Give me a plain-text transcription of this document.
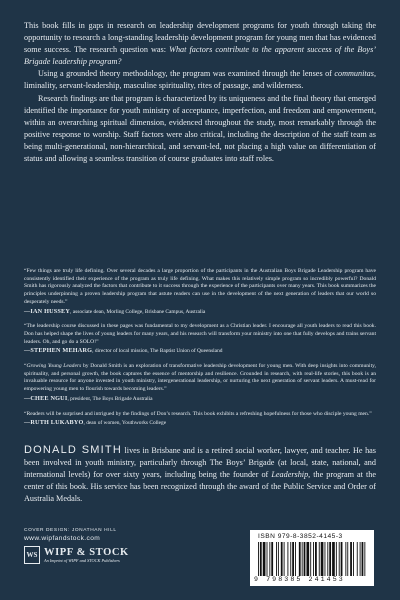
This book fills in gaps in research on leadership development programs for youth through taking the opportunity to research a long-standing leadership development program for young men that has evidenced some success. The research question was: What factors contribute to the apparent success of the Boys’ Brigade leadership program?

Using a grounded theory methodology, the program was examined through the lenses of communitas, liminality, servant-leadership, masculine spirituality, rites of passage, and wilderness.

Research findings are that program is characterized by its uniqueness and the final theory that emerged identified the importance for youth ministry of acceptance, imperfection, and freedom and empowerment, within an overarching spiritual dimension, evidenced throughout the study, most remarkably through the positive response to worship. Staff factors were also critical, including the description of the staff team as being multi-generational, non-hierarchical, and servant-led, not placing a high value on differentiation of status and allowing a seamless transition of course graduates into staff roles.

“Few things are truly life defining. Over several decades a large proportion of the participants in the Australian Boys Brigade Leadership program have consistently identified their experience of the program as truly life defining. What makes this relatively simple program so incredibly powerful? Donald Smith has rigorously analyzed the factors that contribute to it success through the experience of the participants over many years. This book summarizes the principles underpinning a proven leadership program that astute readers can use in the development of the next generation of leaders that our world so desperately needs.”

—IAN HUSSEY, associate dean, Morling College, Brisbane Campus, Australia

“The leadership course discussed in these pages was fundamental to my development as a Christian leader. I encourage all youth leaders to read this book. Don has helped shape the lives of young leaders for many years, and his research will transform your ministry into one that fully develops and trains servant leaders. Oh, and go do a SOLO!”

—STEPHEN MEHARG, director of local mission, The Baptist Union of Queensland

“Growing Young Leaders by Donald Smith is an exploration of transformative leadership development for young men. With deep insights into community, spirituality, and personal growth, the book captures the essence of mentorship and resilience. Grounded in research, with real-life stories, this book is an invaluable resource for anyone invested in youth ministry, intergenerational leadership, or nurturing the next generation of servant leaders. A must-read for empowering young men to flourish towards becoming leaders.”

—CHEE NGUI, president, The Boys Brigade Australia

“Readers will be surprised and intrigued by the findings of Don’s research. This book exhibits a refreshing hopefulness for those who disciple young men.”

—RUTH LUKABYO, dean of women, Youthworks College

DONALD SMITH lives in Brisbane and is a retired social worker, lawyer, and teacher. He has been involved in youth ministry, particularly through The Boys’ Brigade (at local, state, national, and international levels) for over sixty years, including being the founder of Leadership, the program at the center of this book. His service has been recognized through the award of the Public Service and Order of Australia Medals.

COVER DESIGN: JONATHAN HILL
www.wipfandstock.com
WS WIPF & STOCK
An Imprint of WIPF and STOCK Publishers
ISBN 979-8-3852-4145-3
9 798385 241453
